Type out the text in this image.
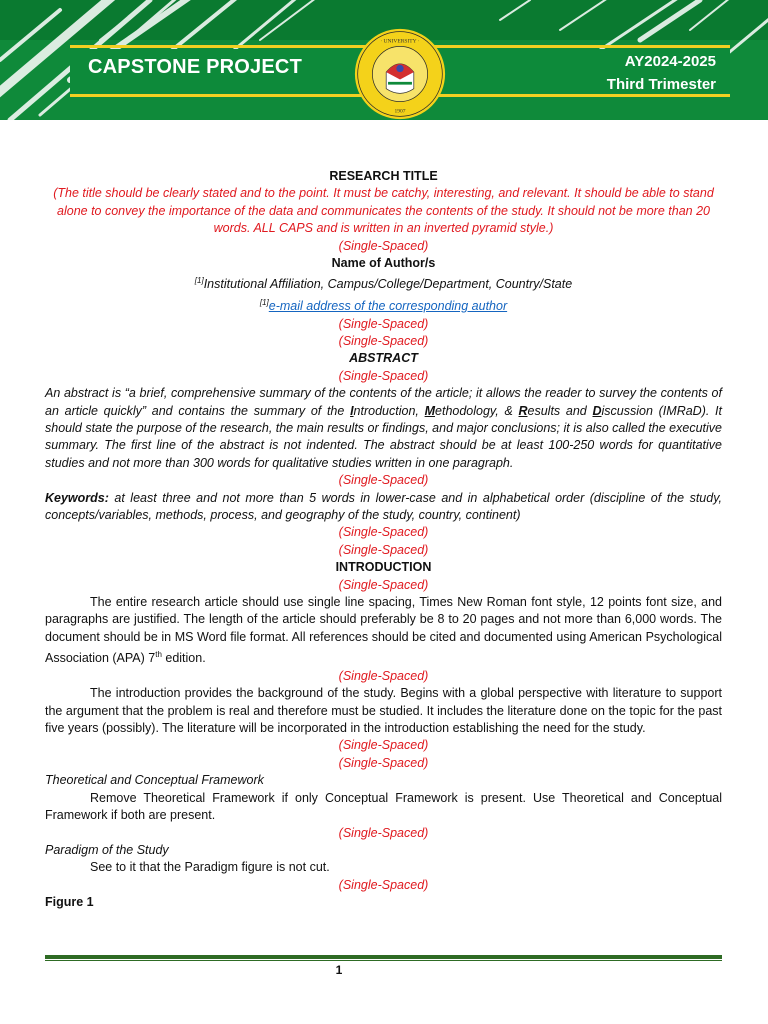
CAPSTONE PROJECT	AY2024-2025
Third Trimester
· UNIVERSITY ·
1907

RESEARCH TITLE

(The title should be clearly stated and to the point. It must be catchy, interesting, and relevant. It should be able to stand alone to convey the importance of the data and communicates the contents of the study. It should not be more than 20 words. ALL CAPS and is written in an inverted pyramid style.)

(Single-Spaced)

Name of Author/s

[1]Institutional Affiliation, Campus/College/Department, Country/State

[1]e-mail address of the corresponding author

(Single-Spaced)

(Single-Spaced)

ABSTRACT

(Single-Spaced)

An abstract is “a brief, comprehensive summary of the contents of the article; it allows the reader to survey the contents of an article quickly” and contains the summary of the Introduction, Methodology, & Results and Discussion (IMRaD). It should state the purpose of the research, the main results or findings, and major conclusions; it is also called the executive summary. The first line of the abstract is not indented. The abstract should be at least 100-250 words for quantitative studies and not more than 300 words for qualitative studies written in one paragraph.

(Single-Spaced)

Keywords: at least three and not more than 5 words in lower-case and in alphabetical order (discipline of the study, concepts/variables, methods, process, and geography of the study, country, continent)

(Single-Spaced)

(Single-Spaced)

INTRODUCTION

(Single-Spaced)

The entire research article should use single line spacing, Times New Roman font style, 12 points font size, and paragraphs are justified. The length of the article should preferably be 8 to 20 pages and not more than 6,000 words. The document should be in MS Word file format. All references should be cited and documented using American Psychological Association (APA) 7th edition.

(Single-Spaced)

The introduction provides the background of the study. Begins with a global perspective with literature to support the argument that the problem is real and therefore must be studied. It includes the literature done on the topic for the past five years (possibly). The literature will be incorporated in the introduction establishing the need for the study.

(Single-Spaced)

(Single-Spaced)

Theoretical and Conceptual Framework

Remove Theoretical Framework if only Conceptual Framework is present. Use Theoretical and Conceptual Framework if both are present.

(Single-Spaced)

Paradigm of the Study

See to it that the Paradigm figure is not cut.

(Single-Spaced)

Figure 1

1
